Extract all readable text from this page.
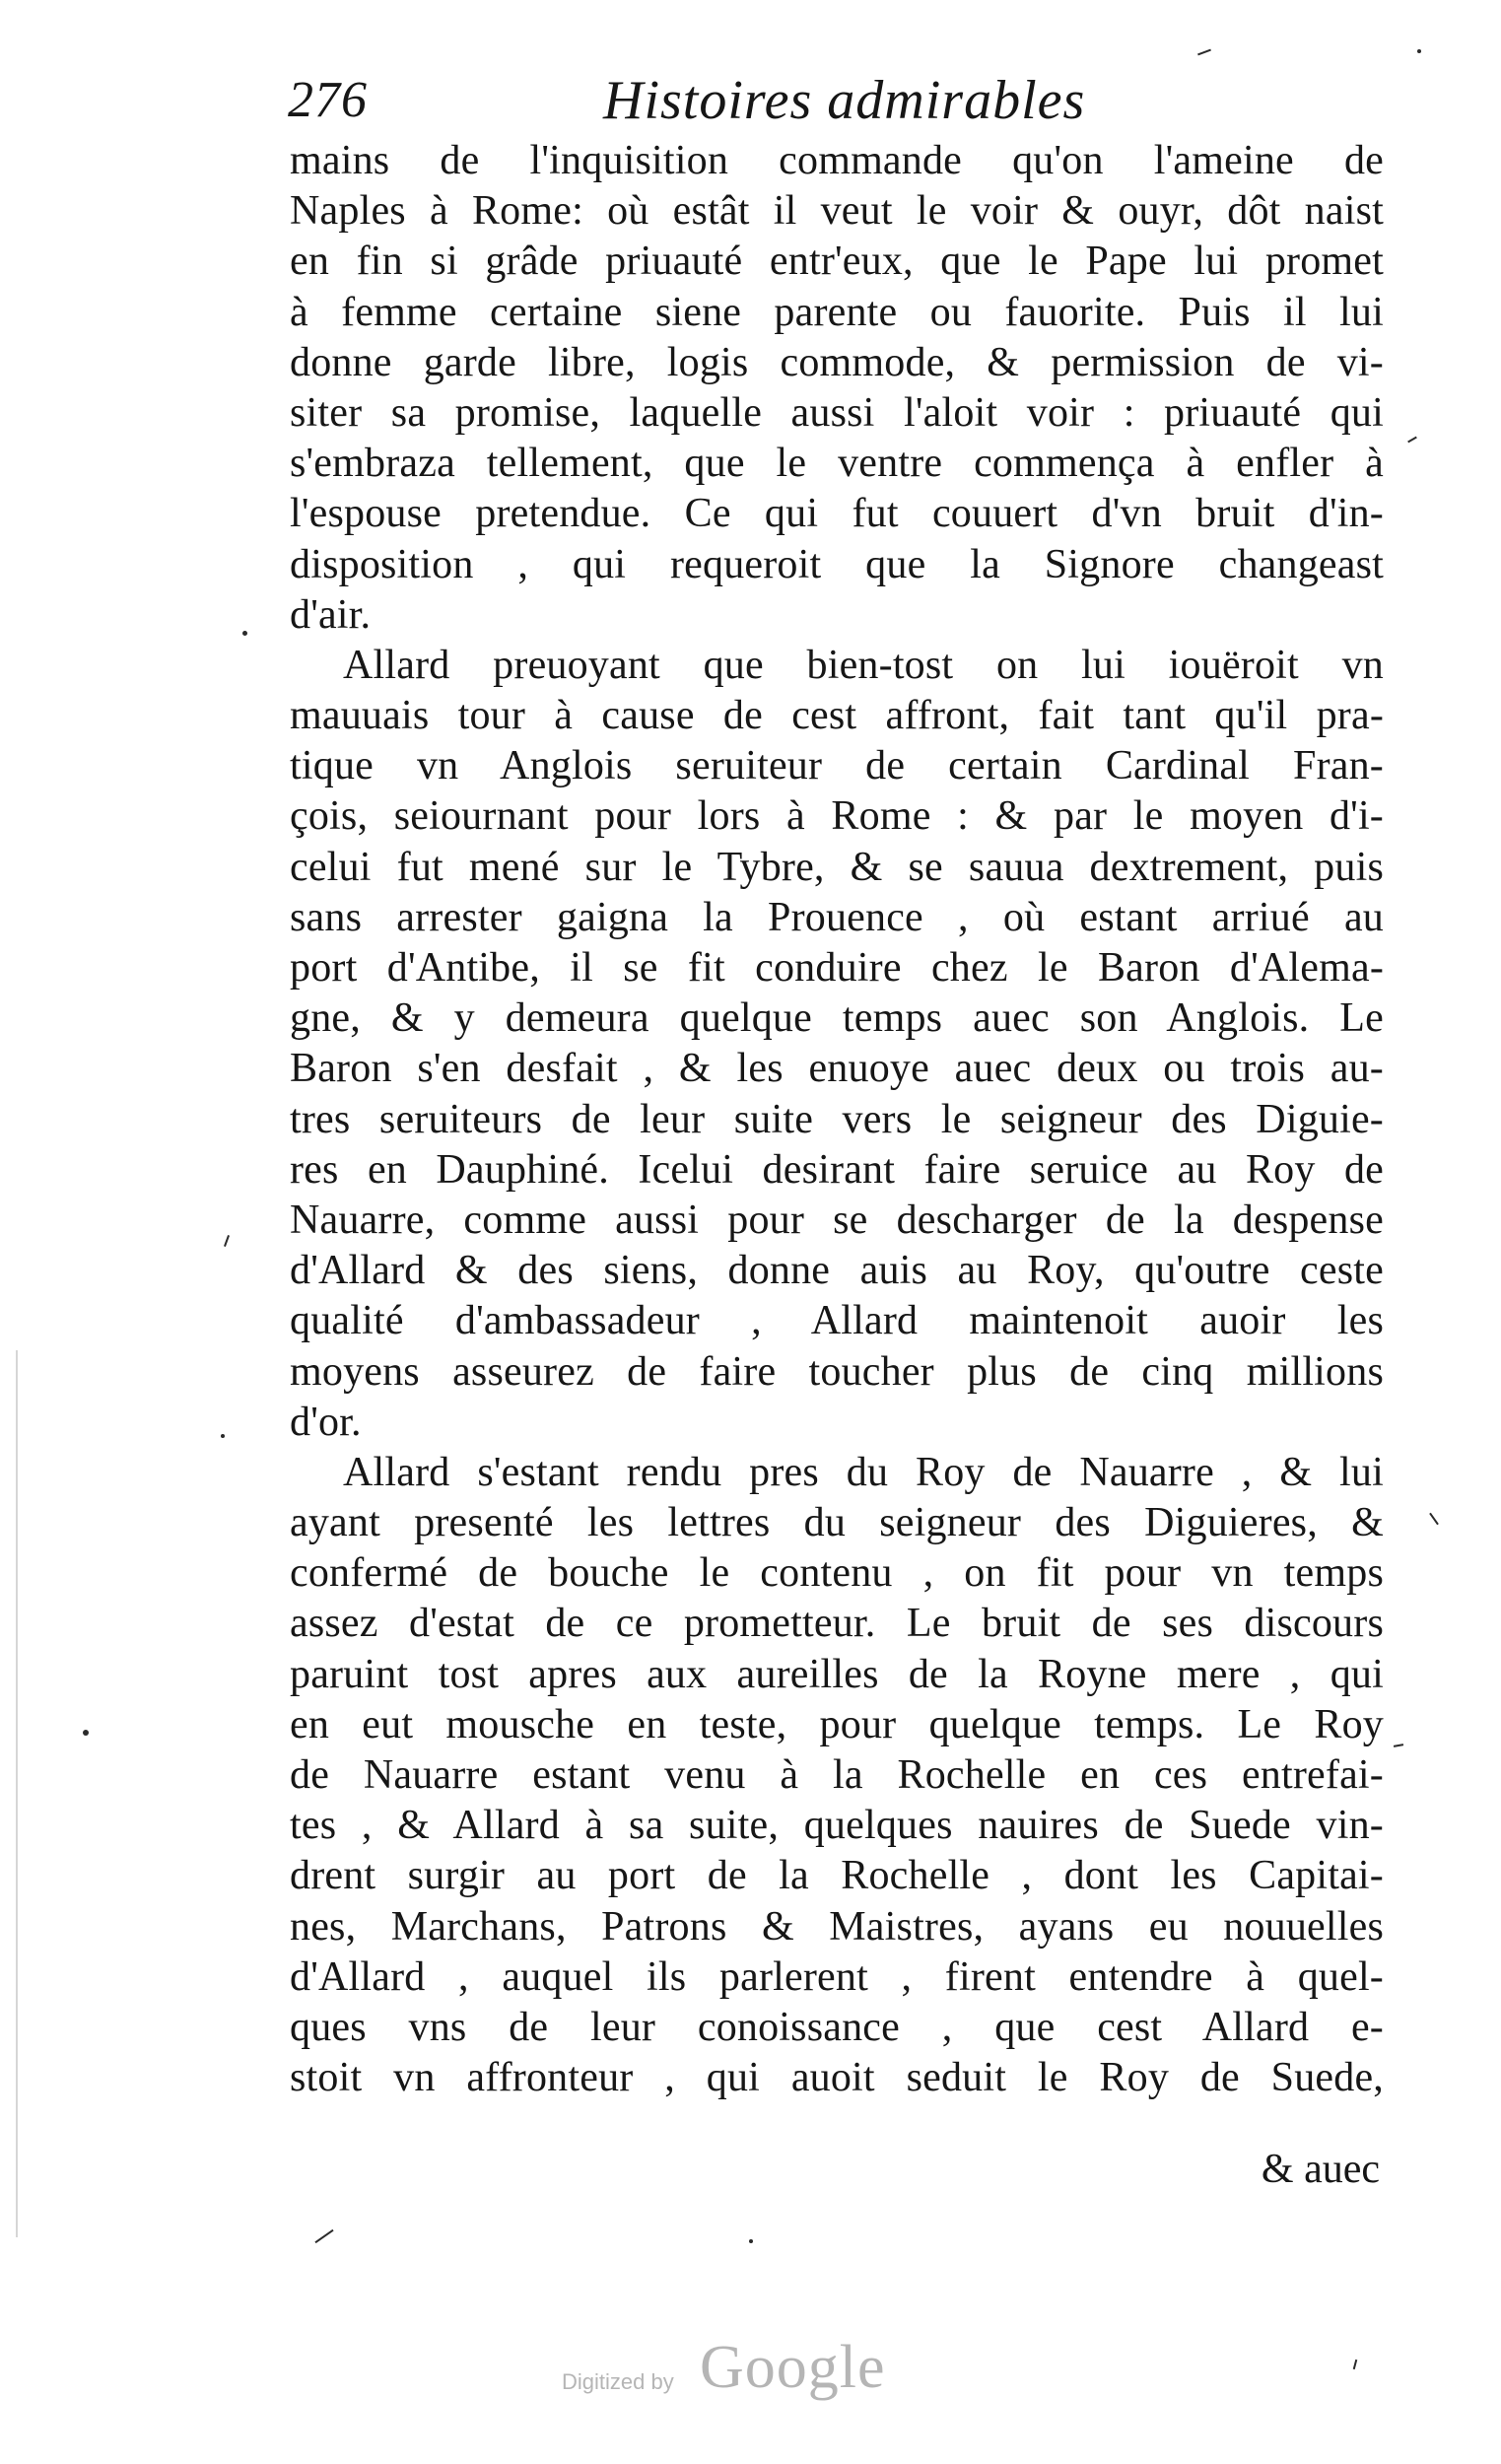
276	Histoires admirables
mains de l'inquisition commande qu'on l'ameine de
Naples à Rome: où estât il veut le voir & ouyr, dôt naist
en fin si grâde priuauté entr'eux, que le Pape lui promet
à femme certaine siene parente ou fauorite. Puis il lui
donne garde libre, logis commode, & permission de vi-
siter sa promise, laquelle aussi l'aloit voir : priuauté qui
s'embraza tellement, que le ventre commença à enfler à
l'espouse pretendue. Ce qui fut couuert d'vn bruit d'in-
disposition , qui requeroit que la Signore changeast
d'air.
Allard preuoyant que bien-tost on lui iouëroit vn
mauuais tour à cause de cest affront, fait tant qu'il pra-
tique vn Anglois seruiteur de certain Cardinal Fran-
çois, seiournant pour lors à Rome : & par le moyen d'i-
celui fut mené sur le Tybre, & se sauua dextrement, puis
sans arrester gaigna la Prouence , où estant arriué au
port d'Antibe, il se fit conduire chez le Baron d'Alema-
gne, & y demeura quelque temps auec son Anglois. Le
Baron s'en desfait , & les enuoye auec deux ou trois au-
tres seruiteurs de leur suite vers le seigneur des Diguie-
res en Dauphiné. Icelui desirant faire seruice au Roy de
Nauarre, comme aussi pour se descharger de la despense
d'Allard & des siens, donne auis au Roy, qu'outre ceste
qualité d'ambassadeur , Allard maintenoit auoir les
moyens asseurez de faire toucher plus de cinq millions
d'or.
Allard s'estant rendu pres du Roy de Nauarre , & lui
ayant presenté les lettres du seigneur des Diguieres, &
confermé de bouche le contenu , on fit pour vn temps
assez d'estat de ce prometteur. Le bruit de ses discours
paruint tost apres aux aureilles de la Royne mere , qui
en eut mousche en teste, pour quelque temps. Le Roy
de Nauarre estant venu à la Rochelle en ces entrefai-
tes , & Allard à sa suite, quelques nauires de Suede vin-
drent surgir au port de la Rochelle , dont les Capitai-
nes, Marchans, Patrons & Maistres, ayans eu nouuelles
d'Allard , auquel ils parlerent , firent entendre à quel-
ques vns de leur conoissance , que cest Allard e-
stoit vn affronteur , qui auoit seduit le Roy de Suede,
& auec
Digitized by Google
